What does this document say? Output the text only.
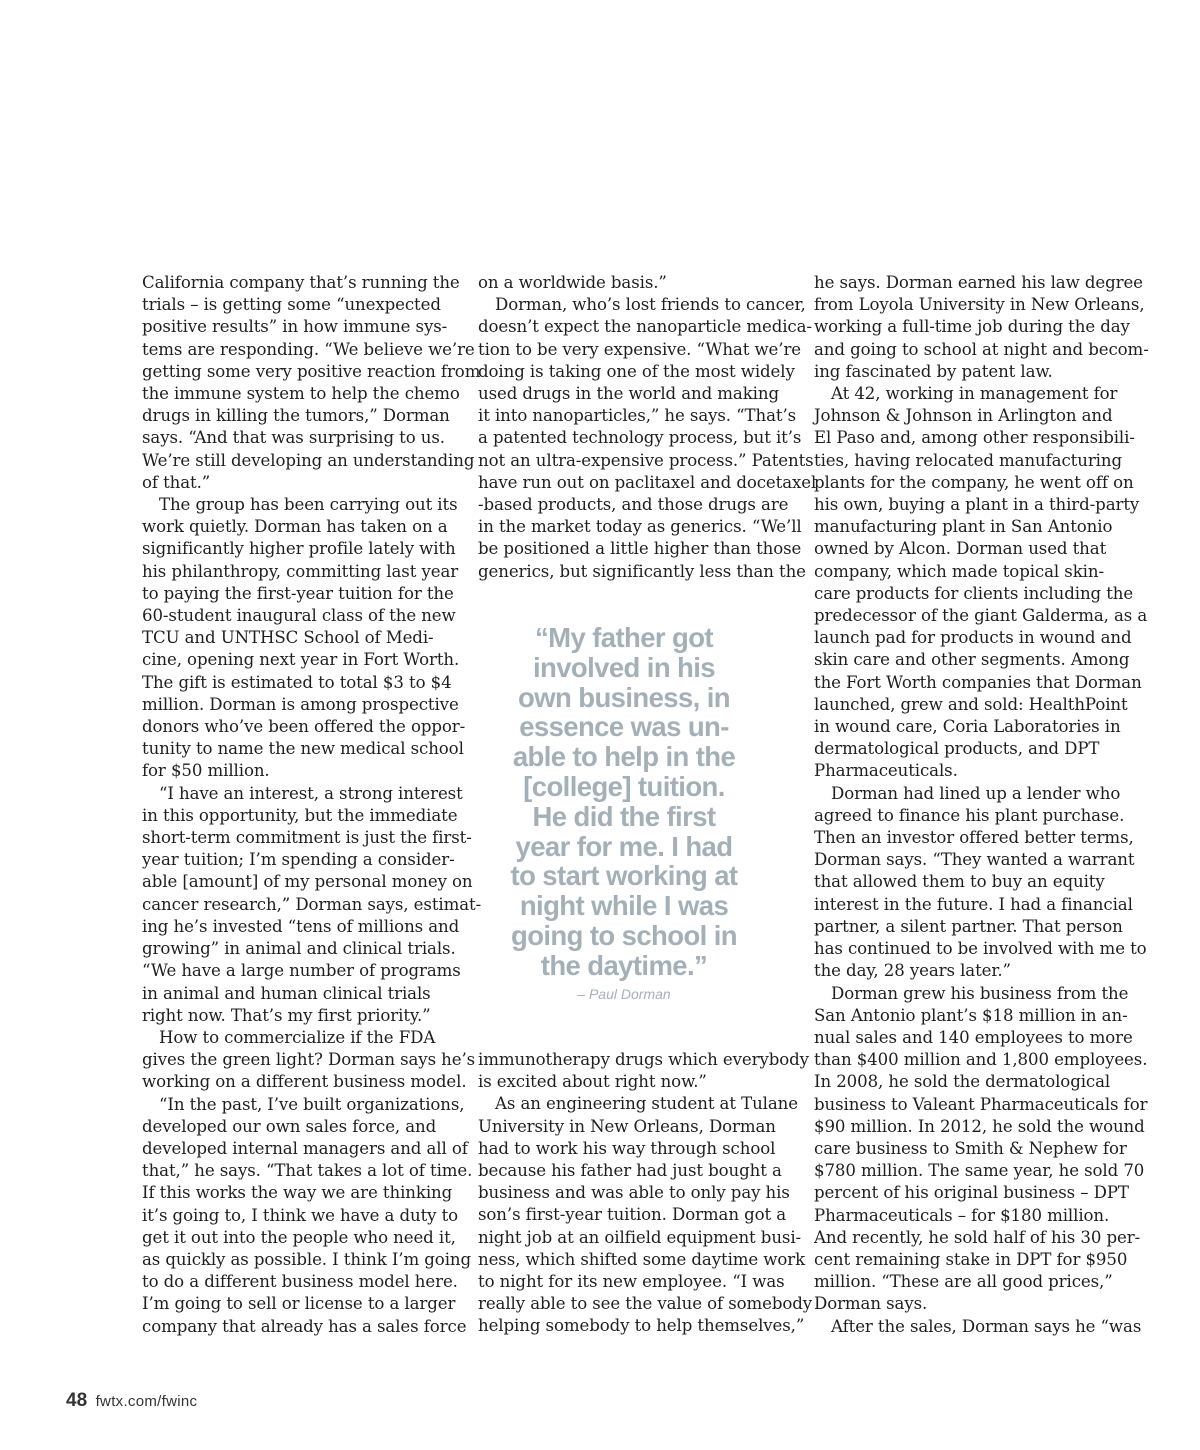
California company that’s running the
trials – is getting some “unexpected
positive results” in how immune sys-
tems are responding. “We believe we’re
getting some very positive reaction from
the immune system to help the chemo
drugs in killing the tumors,” Dorman
says. “And that was surprising to us.
We’re still developing an understanding
of that.”
The group has been carrying out its
work quietly. Dorman has taken on a
significantly higher profile lately with
his philanthropy, committing last year
to paying the first-year tuition for the
60-student inaugural class of the new
TCU and UNTHSC School of Medi-
cine, opening next year in Fort Worth.
The gift is estimated to total $3 to $4
million. Dorman is among prospective
donors who’ve been offered the oppor-
tunity to name the new medical school
for $50 million.
“I have an interest, a strong interest
in this opportunity, but the immediate
short-term commitment is just the first-
year tuition; I’m spending a consider-
able [amount] of my personal money on
cancer research,” Dorman says, estimat-
ing he’s invested “tens of millions and
growing” in animal and clinical trials.
“We have a large number of programs
in animal and human clinical trials
right now. That’s my first priority.”
How to commercialize if the FDA
gives the green light? Dorman says he’s
working on a different business model.
“In the past, I’ve built organizations,
developed our own sales force, and
developed internal managers and all of
that,” he says. “That takes a lot of time.
If this works the way we are thinking
it’s going to, I think we have a duty to
get it out into the people who need it,
as quickly as possible. I think I’m going
to do a different business model here.
I’m going to sell or license to a larger
company that already has a sales force
on a worldwide basis.”
Dorman, who’s lost friends to cancer,
doesn’t expect the nanoparticle medica-
tion to be very expensive. “What we’re
doing is taking one of the most widely
used drugs in the world and making
it into nanoparticles,” he says. “That’s
a patented technology process, but it’s
not an ultra-expensive process.” Patents
have run out on paclitaxel and docetaxel
-based products, and those drugs are
in the market today as generics. “We’ll
be positioned a little higher than those
generics, but significantly less than the
“My father got
involved in his
own business, in
essence was un-
able to help in the
[college] tuition.
He did the first
year for me. I had
to start working at
night while I was
going to school in
the daytime.”
– Paul Dorman
immunotherapy drugs which everybody
is excited about right now.”
As an engineering student at Tulane
University in New Orleans, Dorman
had to work his way through school
because his father had just bought a
business and was able to only pay his
son’s first-year tuition. Dorman got a
night job at an oilfield equipment busi-
ness, which shifted some daytime work
to night for its new employee. “I was
really able to see the value of somebody
helping somebody to help themselves,”
he says. Dorman earned his law degree
from Loyola University in New Orleans,
working a full-time job during the day
and going to school at night and becom-
ing fascinated by patent law.
At 42, working in management for
Johnson & Johnson in Arlington and
El Paso and, among other responsibili-
ties, having relocated manufacturing
plants for the company, he went off on
his own, buying a plant in a third-party
manufacturing plant in San Antonio
owned by Alcon. Dorman used that
company, which made topical skin-
care products for clients including the
predecessor of the giant Galderma, as a
launch pad for products in wound and
skin care and other segments. Among
the Fort Worth companies that Dorman
launched, grew and sold: HealthPoint
in wound care, Coria Laboratories in
dermatological products, and DPT
Pharmaceuticals.
Dorman had lined up a lender who
agreed to finance his plant purchase.
Then an investor offered better terms,
Dorman says. “They wanted a warrant
that allowed them to buy an equity
interest in the future. I had a financial
partner, a silent partner. That person
has continued to be involved with me to
the day, 28 years later.”
Dorman grew his business from the
San Antonio plant’s $18 million in an-
nual sales and 140 employees to more
than $400 million and 1,800 employees.
In 2008, he sold the dermatological
business to Valeant Pharmaceuticals for
$90 million. In 2012, he sold the wound
care business to Smith & Nephew for
$780 million. The same year, he sold 70
percent of his original business – DPT
Pharmaceuticals – for $180 million.
And recently, he sold half of his 30 per-
cent remaining stake in DPT for $950
million. “These are all good prices,”
Dorman says.
After the sales, Dorman says he “was
48 fwtx.com/fwinc
